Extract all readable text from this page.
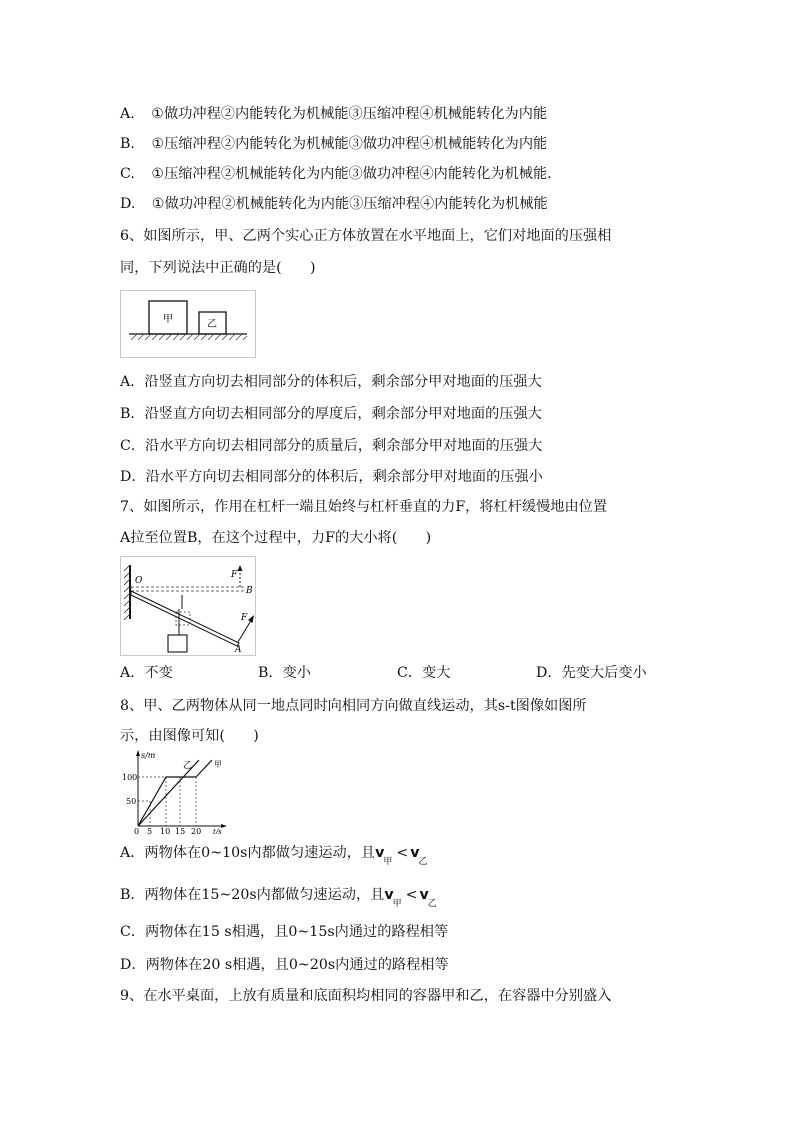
A. ①做功冲程②内能转化为机械能③压缩冲程④机械能转化为内能
B. ①压缩冲程②内能转化为机械能③做功冲程④机械能转化为内能
C. ①压缩冲程②机械能转化为内能③做功冲程④内能转化为机械能.
D. ①做功冲程②机械能转化为内能③压缩冲程④内能转化为机械能
6、如图所示，甲、乙两个实心正方体放置在水平地面上，它们对地面的压强相
同，下列说法中正确的是(　　)
甲	乙
A．沿竖直方向切去相同部分的体积后，剩余部分甲对地面的压强大
B．沿竖直方向切去相同部分的厚度后，剩余部分甲对地面的压强大
C．沿水平方向切去相同部分的质量后，剩余部分甲对地面的压强大
D．沿水平方向切去相同部分的体积后，剩余部分甲对地面的压强小
7、如图所示，作用在杠杆一端且始终与杠杆垂直的力F，将杠杆缓慢地由位置
A拉至位置B，在这个过程中，力F的大小将(　　)
O
B
F
F
A
A．不变	B．变小	C．变大	D．先变大后变小
8、甲、乙两物体从同一地点同时向相同方向做直线运动，其s-t图像如图所
示，由图像可知(　　)
s/m
t/s
100
50
0 5 10 15 20
乙	甲
A．两物体在0~10s内都做匀速运动，且$v_甲< v_乙$
B．两物体在15~20s内都做匀速运动，且$v_甲< v_乙$
C．两物体在15 s相遇，且0~15s内通过的路程相等
D．两物体在20 s相遇，且0~20s内通过的路程相等
9、在水平桌面，上放有质量和底面积均相同的容器甲和乙，在容器中分别盛入
